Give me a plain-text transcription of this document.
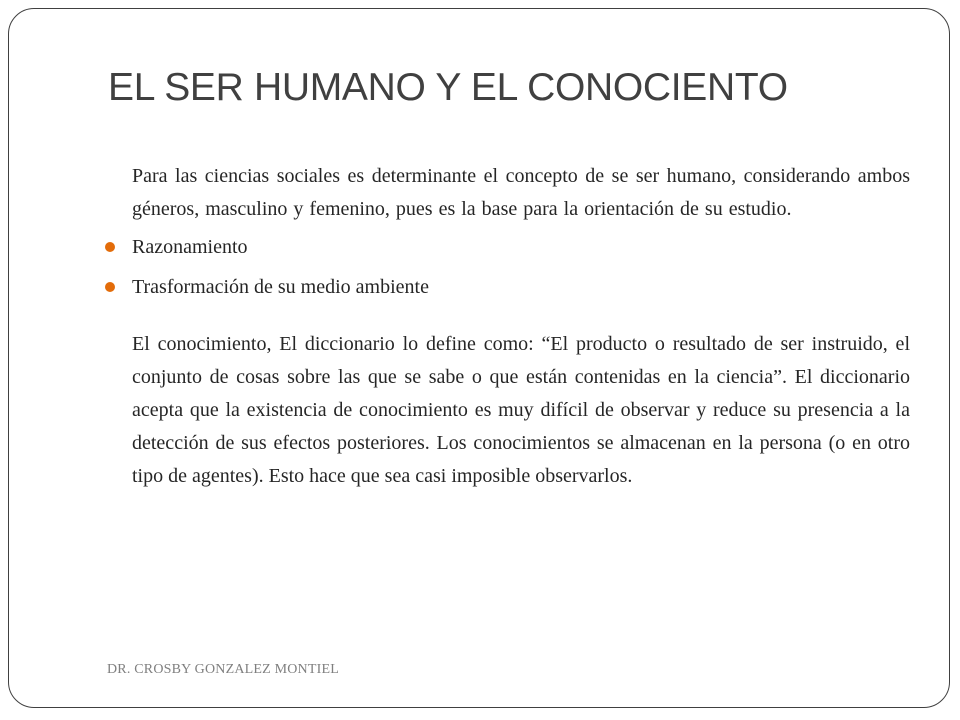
EL SER HUMANO Y EL CONOCIENTO

Para las ciencias sociales es determinante el concepto de se ser humano, considerando ambos géneros, masculino y femenino, pues es la base para la orientación de su estudio.

Razonamiento
Trasformación de su medio ambiente

El conocimiento, El diccionario lo define como: “El producto o resultado de ser instruido, el conjunto de cosas sobre las que se sabe o que están contenidas en la ciencia”. El diccionario acepta que la existencia de conocimiento es muy difícil de observar y reduce su presencia a la detección de sus efectos posteriores. Los conocimientos se almacenan en la persona (o en otro tipo de agentes). Esto hace que sea casi imposible observarlos.

DR. CROSBY GONZALEZ MONTIEL
